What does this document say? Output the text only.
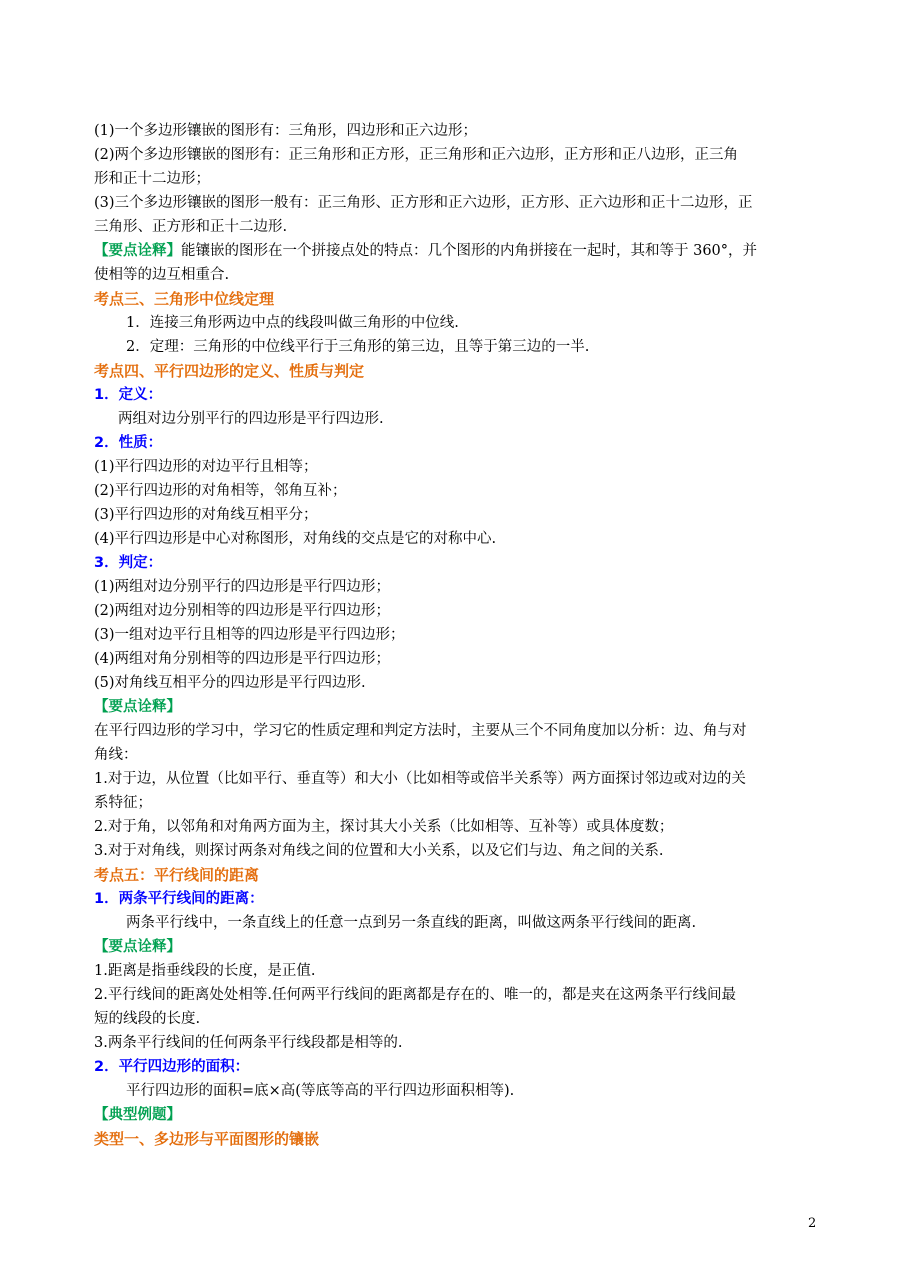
(1)一个多边形镶嵌的图形有：三角形，四边形和正六边形；
(2)两个多边形镶嵌的图形有：正三角形和正方形，正三角形和正六边形，正方形和正八边形，正三角
形和正十二边形；
(3)三个多边形镶嵌的图形一般有：正三角形、正方形和正六边形，正方形、正六边形和正十二边形，正
三角形、正方形和正十二边形.
【要点诠释】能镶嵌的图形在一个拼接点处的特点：几个图形的内角拼接在一起时，其和等于 360°，并
使相等的边互相重合.
考点三、三角形中位线定理
1．连接三角形两边中点的线段叫做三角形的中位线.
2．定理：三角形的中位线平行于三角形的第三边，且等于第三边的一半.
考点四、平行四边形的定义、性质与判定
1．定义：
两组对边分别平行的四边形是平行四边形.
2．性质：
(1)平行四边形的对边平行且相等；
(2)平行四边形的对角相等，邻角互补；
(3)平行四边形的对角线互相平分；
(4)平行四边形是中心对称图形，对角线的交点是它的对称中心.
3．判定：
(1)两组对边分别平行的四边形是平行四边形；
(2)两组对边分别相等的四边形是平行四边形；
(3)一组对边平行且相等的四边形是平行四边形；
(4)两组对角分别相等的四边形是平行四边形；
(5)对角线互相平分的四边形是平行四边形.
【要点诠释】
在平行四边形的学习中，学习它的性质定理和判定方法时，主要从三个不同角度加以分析：边、角与对
角线：
1.对于边，从位置（比如平行、垂直等）和大小（比如相等或倍半关系等）两方面探讨邻边或对边的关
系特征；
2.对于角，以邻角和对角两方面为主，探讨其大小关系（比如相等、互补等）或具体度数；
3.对于对角线，则探讨两条对角线之间的位置和大小关系，以及它们与边、角之间的关系.
考点五：平行线间的距离
1．两条平行线间的距离：
两条平行线中，一条直线上的任意一点到另一条直线的距离，叫做这两条平行线间的距离.
【要点诠释】
1.距离是指垂线段的长度，是正值.
2.平行线间的距离处处相等.任何两平行线间的距离都是存在的、唯一的，都是夹在这两条平行线间最
短的线段的长度.
3.两条平行线间的任何两条平行线段都是相等的.
2．平行四边形的面积：
平行四边形的面积=底×高(等底等高的平行四边形面积相等).
【典型例题】
类型一、多边形与平面图形的镶嵌
2
